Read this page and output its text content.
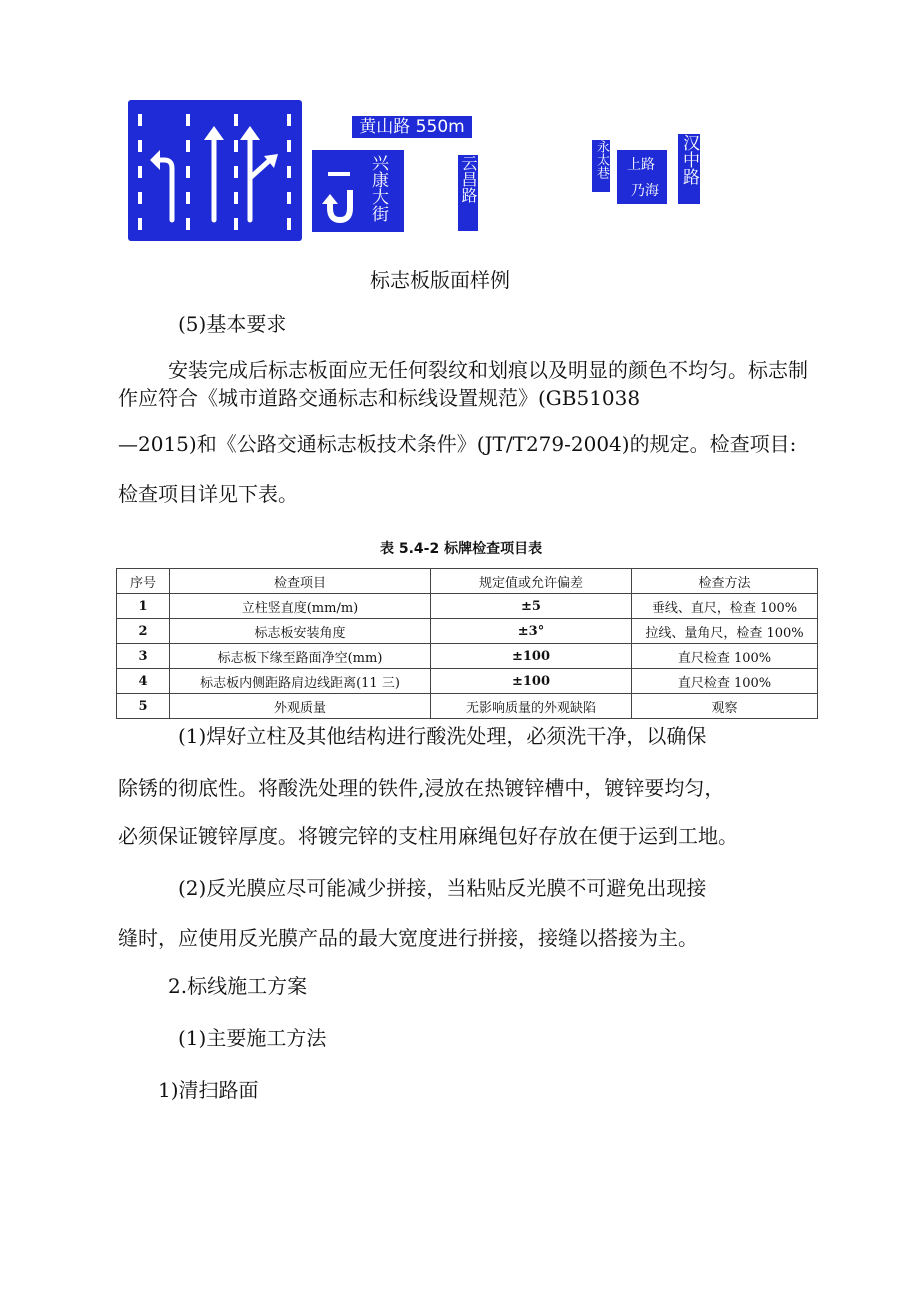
黄山路 550m
兴康大街	云昌路	永太巷 上路
乃海
汉中路
标志板版面样例
(5)基本要求
安装完成后标志板面应无任何裂纹和划痕以及明显的颜色不均匀。标志制
作应符合《城市道路交通标志和标线设置规范》(GB51038
—2015)和《公路交通标志板技术条件》(JT/T279-2004)的规定。检查项目:
检查项目详见下表。
表 5.4-2 标牌检查项目表
序号	检查项目	规定值或允许偏差	检查方法
1	立柱竖直度(mm/m)	±5	垂线、直尺，检查 100%
2	标志板安装角度	±3°	拉线、量角尺，检查 100%
3	标志板下缘至路面净空(mm)	±100	直尺检查 100%
4	标志板内侧距路肩边线距离(11 三)	±100	直尺检查 100%
5	外观质量	无影响质量的外观缺陷	观察
(1)焊好立柱及其他结构进行酸洗处理，必须洗干净，以确保
除锈的彻底性。将酸洗处理的铁件,浸放在热镀锌槽中，镀锌要均匀，
必须保证镀锌厚度。将镀完锌的支柱用麻绳包好存放在便于运到工地。
(2)反光膜应尽可能减少拼接，当粘贴反光膜不可避免出现接
缝时，应使用反光膜产品的最大宽度进行拼接，接缝以搭接为主。
2.标线施工方案
(1)主要施工方法
1)清扫路面
